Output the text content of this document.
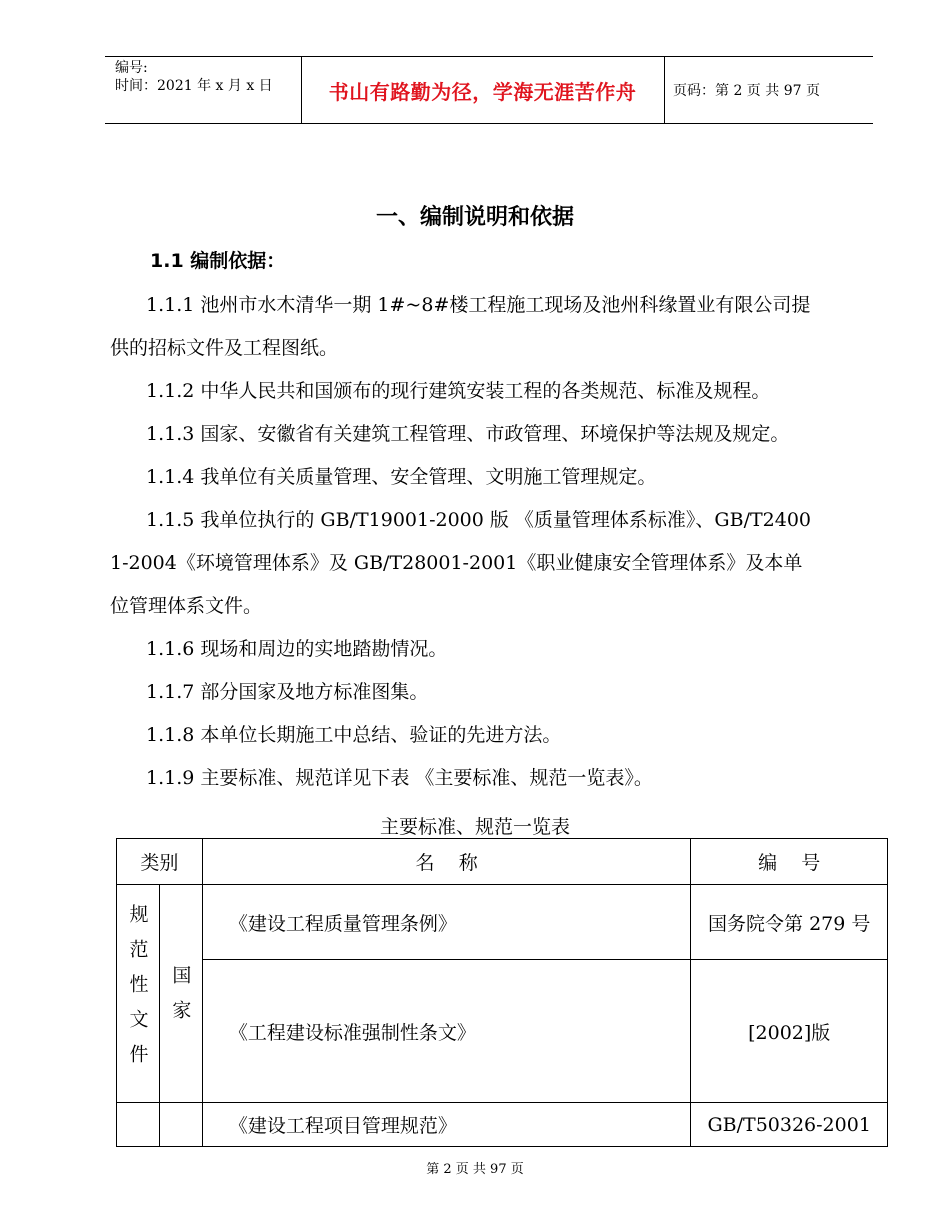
编号:
时间：2021 年 x 月 x 日	书山有路勤为径，学海无涯苦作舟	页码：第 2 页 共 97 页
一、编制说明和依据
1.1 编制依据：

1.1.1 池州市水木清华一期 1#~8#楼工程施工现场及池州科缘置业有限公司提
供的招标文件及工程图纸。

1.1.2 中华人民共和国颁布的现行建筑安装工程的各类规范、标准及规程。

1.1.3 国家、安徽省有关建筑工程管理、市政管理、环境保护等法规及规定。

1.1.4 我单位有关质量管理、安全管理、文明施工管理规定。

1.1.5 我单位执行的 GB/T19001-2000 版 《质量管理体系标准》、GB/T2400
1-2004《环境管理体系》及 GB/T28001-2001《职业健康安全管理体系》及本单
位管理体系文件。

1.1.6 现场和周边的实地踏勘情况。

1.1.7 部分国家及地方标准图集。

1.1.8 本单位长期施工中总结、验证的先进方法。

1.1.9 主要标准、规范详见下表 《主要标准、规范一览表》。

主要标准、规范一览表
类别		名    称	编    号
规范性文件	国家	《建设工程质量管理条例》	国务院令第 279 号
		《工程建设标准强制性条文》	[2002]版
		《建设工程项目管理规范》	GB/T50326-2001
第 2 页 共 97 页
